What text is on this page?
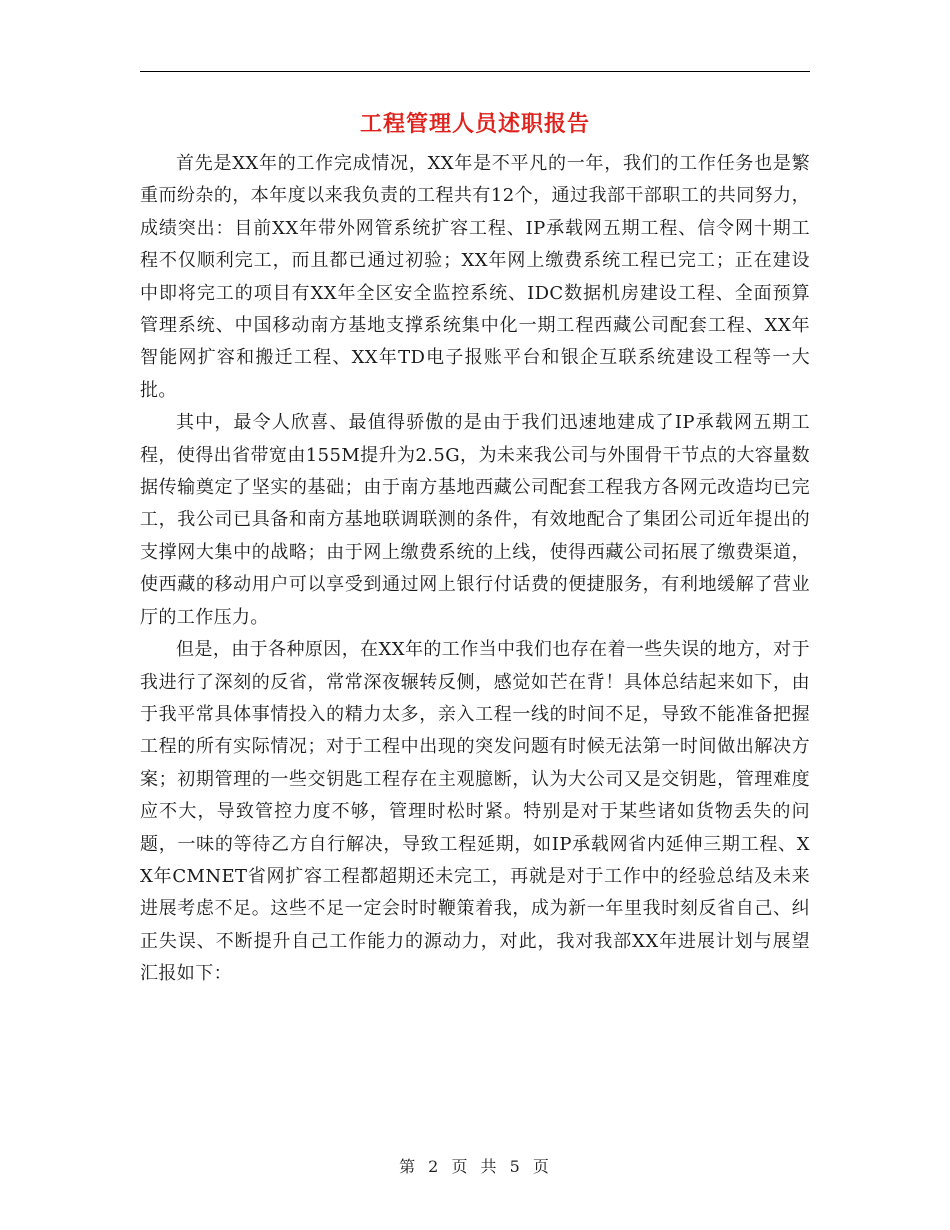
工程管理人员述职报告

首先是XX年的工作完成情况，XX年是不平凡的一年，我们的工作任务也是繁重而纷杂的，本年度以来我负责的工程共有12个，通过我部干部职工的共同努力，成绩突出：目前XX年带外网管系统扩容工程、IP承载网五期工程、信令网十期工程不仅顺利完工，而且都已通过初验；XX年网上缴费系统工程已完工；正在建设中即将完工的项目有XX年全区安全监控系统、IDC数据机房建设工程、全面预算管理系统、中国移动南方基地支撑系统集中化一期工程西藏公司配套工程、XX年智能网扩容和搬迁工程、XX年TD电子报账平台和银企互联系统建设工程等一大批。

其中，最令人欣喜、最值得骄傲的是由于我们迅速地建成了IP承载网五期工程，使得出省带宽由155M提升为2.5G，为未来我公司与外围骨干节点的大容量数据传输奠定了坚实的基础；由于南方基地西藏公司配套工程我方各网元改造均已完工，我公司已具备和南方基地联调联测的条件，有效地配合了集团公司近年提出的支撑网大集中的战略；由于网上缴费系统的上线，使得西藏公司拓展了缴费渠道，使西藏的移动用户可以享受到通过网上银行付话费的便捷服务，有利地缓解了营业厅的工作压力。

但是，由于各种原因，在XX年的工作当中我们也存在着一些失误的地方，对于我进行了深刻的反省，常常深夜辗转反侧，感觉如芒在背！具体总结起来如下，由于我平常具体事情投入的精力太多，亲入工程一线的时间不足，导致不能准备把握工程的所有实际情况；对于工程中出现的突发问题有时候无法第一时间做出解决方案；初期管理的一些交钥匙工程存在主观臆断，认为大公司又是交钥匙，管理难度应不大，导致管控力度不够，管理时松时紧。特别是对于某些诸如货物丢失的问题，一味的等待乙方自行解决，导致工程延期，如IP承载网省内延伸三期工程、XX年CMNET省网扩容工程都超期还未完工，再就是对于工作中的经验总结及未来进展考虑不足。这些不足一定会时时鞭策着我，成为新一年里我时刻反省自己、纠正失误、不断提升自己工作能力的源动力，对此，我对我部XX年进展计划与展望汇报如下：

第 2 页 共 5 页
